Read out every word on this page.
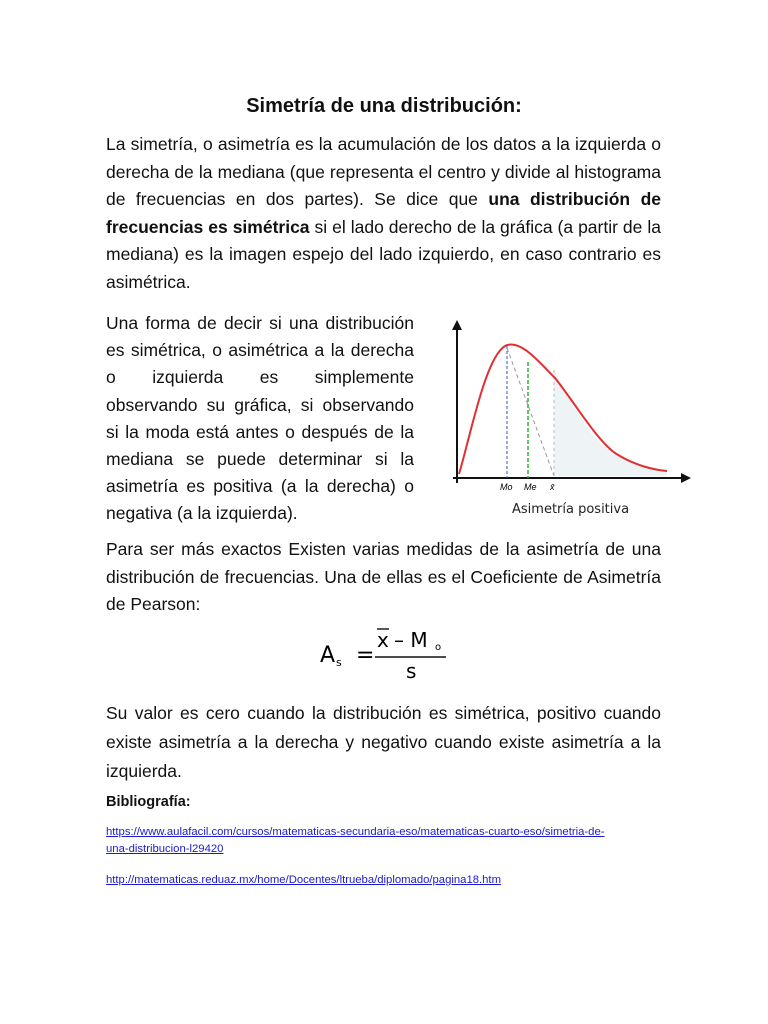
Simetría de una distribución:
La simetría, o asimetría es la acumulación de los datos a la izquierda o derecha de la mediana (que representa el centro y divide al histograma de frecuencias en dos partes). Se dice que una distribución de frecuencias es simétrica si el lado derecho de la gráfica (a partir de la mediana) es la imagen espejo del lado izquierdo, en caso contrario es asimétrica.
Una forma de decir si una distribución es simétrica, o asimétrica a la derecha o izquierda es simplemente observando su gráfica, si observando si la moda está antes o después de la mediana se puede determinar si la asimetría es positiva (a la derecha) o negativa (a la izquierda).
Mo Me x̄
Asimetría positiva
Para ser más exactos Existen varias medidas de la asimetría de una distribución de frecuencias. Una de ellas es el Coeficiente de Asimetría de Pearson:
A s =
x – M o
s
Su valor es cero cuando la distribución es simétrica, positivo cuando existe asimetría a la derecha y negativo cuando existe asimetría a la izquierda.
Bibliografía:
https://www.aulafacil.com/cursos/matematicas-secundaria-eso/matematicas-cuarto-eso/simetria-de-una-distribucion-l29420
http://matematicas.reduaz.mx/home/Docentes/ltrueba/diplomado/pagina18.htm
